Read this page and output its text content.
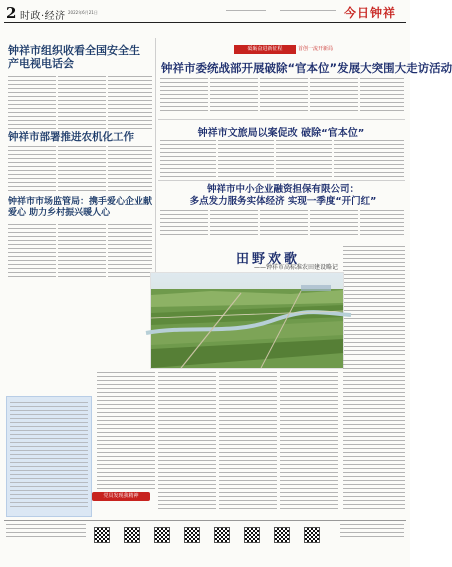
2 时政·经济 2022年6月21日	今日钟祥
钟祥市组织收看全国安全生产电视电话会
钟祥市部署推进农机化工作
钟祥市市场监管局：携手爱心企业献爱心 助力乡村振兴暖人心
砥砺奋进新征程	首创一流开新局
钟祥市委统战部开展破除“官本位”发展大突围大走访活动
钟祥市文旅局以案促改 破除“官本位”
钟祥市中小企业融资担保有限公司：
多点发力服务实体经济 实现一季度“开门红”
田野欢歌
——钟祥市高标准农田建设略记
党员发现我精神
